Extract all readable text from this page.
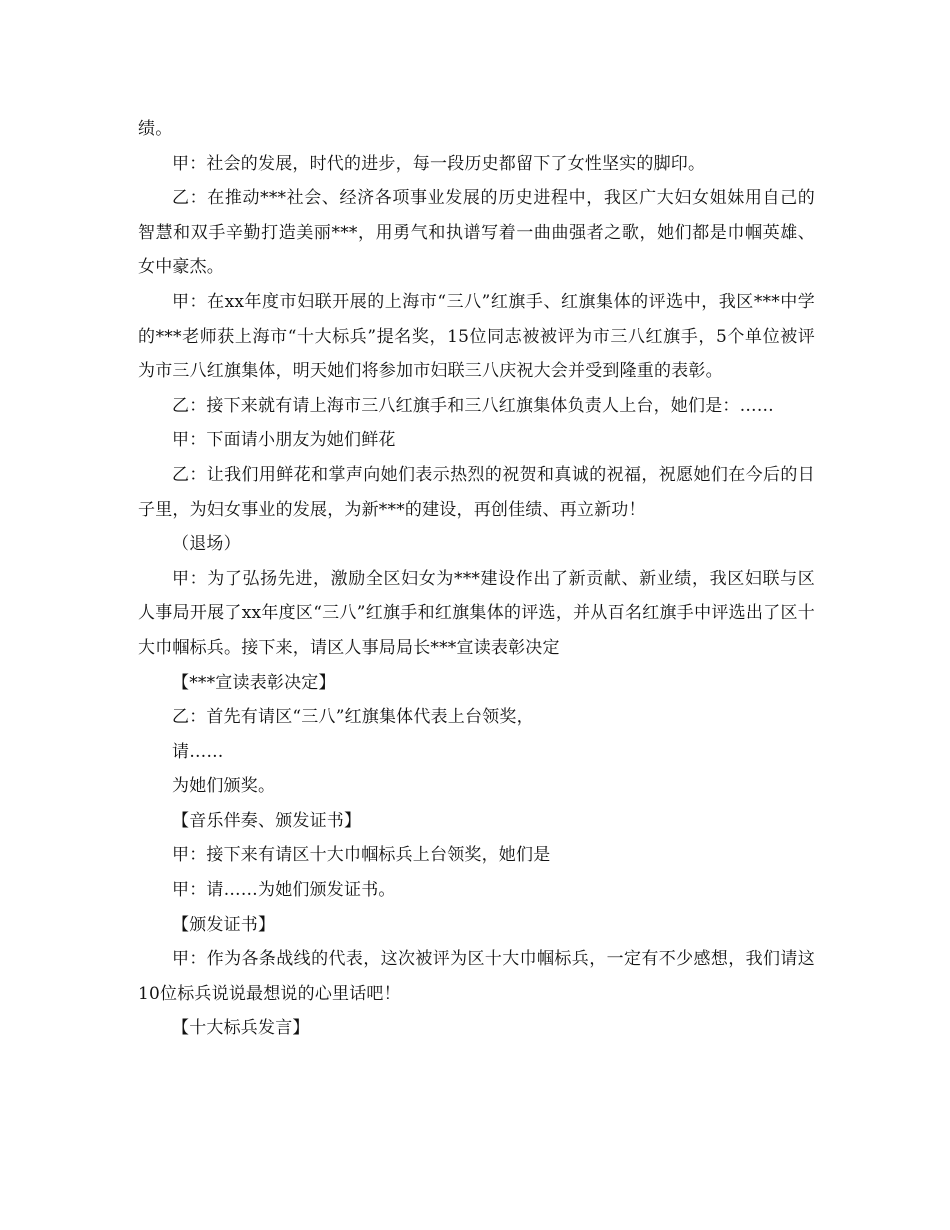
绩。

甲：社会的发展，时代的进步，每一段历史都留下了女性坚实的脚印。

乙：在推动***社会、经济各项事业发展的历史进程中，我区广大妇女姐妹用自己的智慧和双手辛勤打造美丽***，用勇气和执谱写着一曲曲强者之歌，她们都是巾帼英雄、女中豪杰。

甲：在xx年度市妇联开展的上海市“三八”红旗手、红旗集体的评选中，我区***中学的***老师获上海市“十大标兵”提名奖，15位同志被被评为市三八红旗手，5个单位被评为市三八红旗集体，明天她们将参加市妇联三八庆祝大会并受到隆重的表彰。

乙：接下来就有请上海市三八红旗手和三八红旗集体负责人上台，她们是：……

甲：下面请小朋友为她们鲜花

乙：让我们用鲜花和掌声向她们表示热烈的祝贺和真诚的祝福，祝愿她们在今后的日子里，为妇女事业的发展，为新***的建设，再创佳绩、再立新功！

（退场）

甲：为了弘扬先进，激励全区妇女为***建设作出了新贡献、新业绩，我区妇联与区人事局开展了xx年度区“三八”红旗手和红旗集体的评选，并从百名红旗手中评选出了区十大巾帼标兵。接下来，请区人事局局长***宣读表彰决定

【***宣读表彰决定】

乙：首先有请区“三八”红旗集体代表上台领奖，

请……

为她们颁奖。

【音乐伴奏、颁发证书】

甲：接下来有请区十大巾帼标兵上台领奖，她们是

甲：请……为她们颁发证书。

【颁发证书】

甲：作为各条战线的代表，这次被评为区十大巾帼标兵，一定有不少感想，我们请这10位标兵说说最想说的心里话吧！

【十大标兵发言】
